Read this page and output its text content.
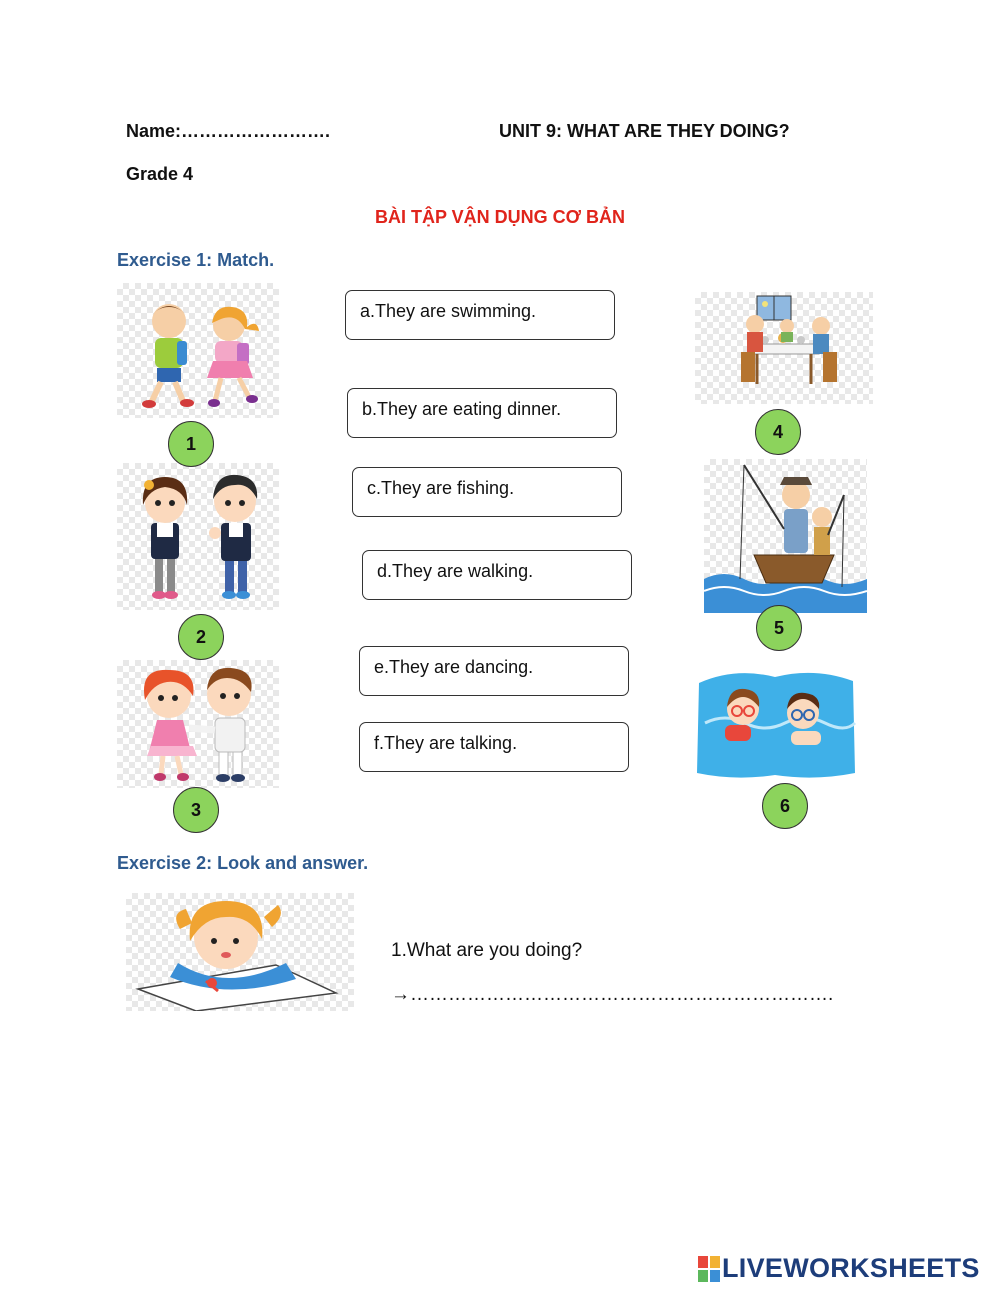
Name:…………………….	UNIT 9: WHAT ARE THEY DOING?
Grade 4
BÀI TẬP VẬN DỤNG CƠ BẢN
Exercise 1: Match.
1
2
3
a.They are swimming.
b.They are eating dinner.
c.They are fishing.
d.They are walking.
e.They are dancing.
f.They are talking.
4
5
6
Exercise 2: Look and answer.
1.What are you doing?
→………………………………………………………….
LIVEWORKSHEETS
